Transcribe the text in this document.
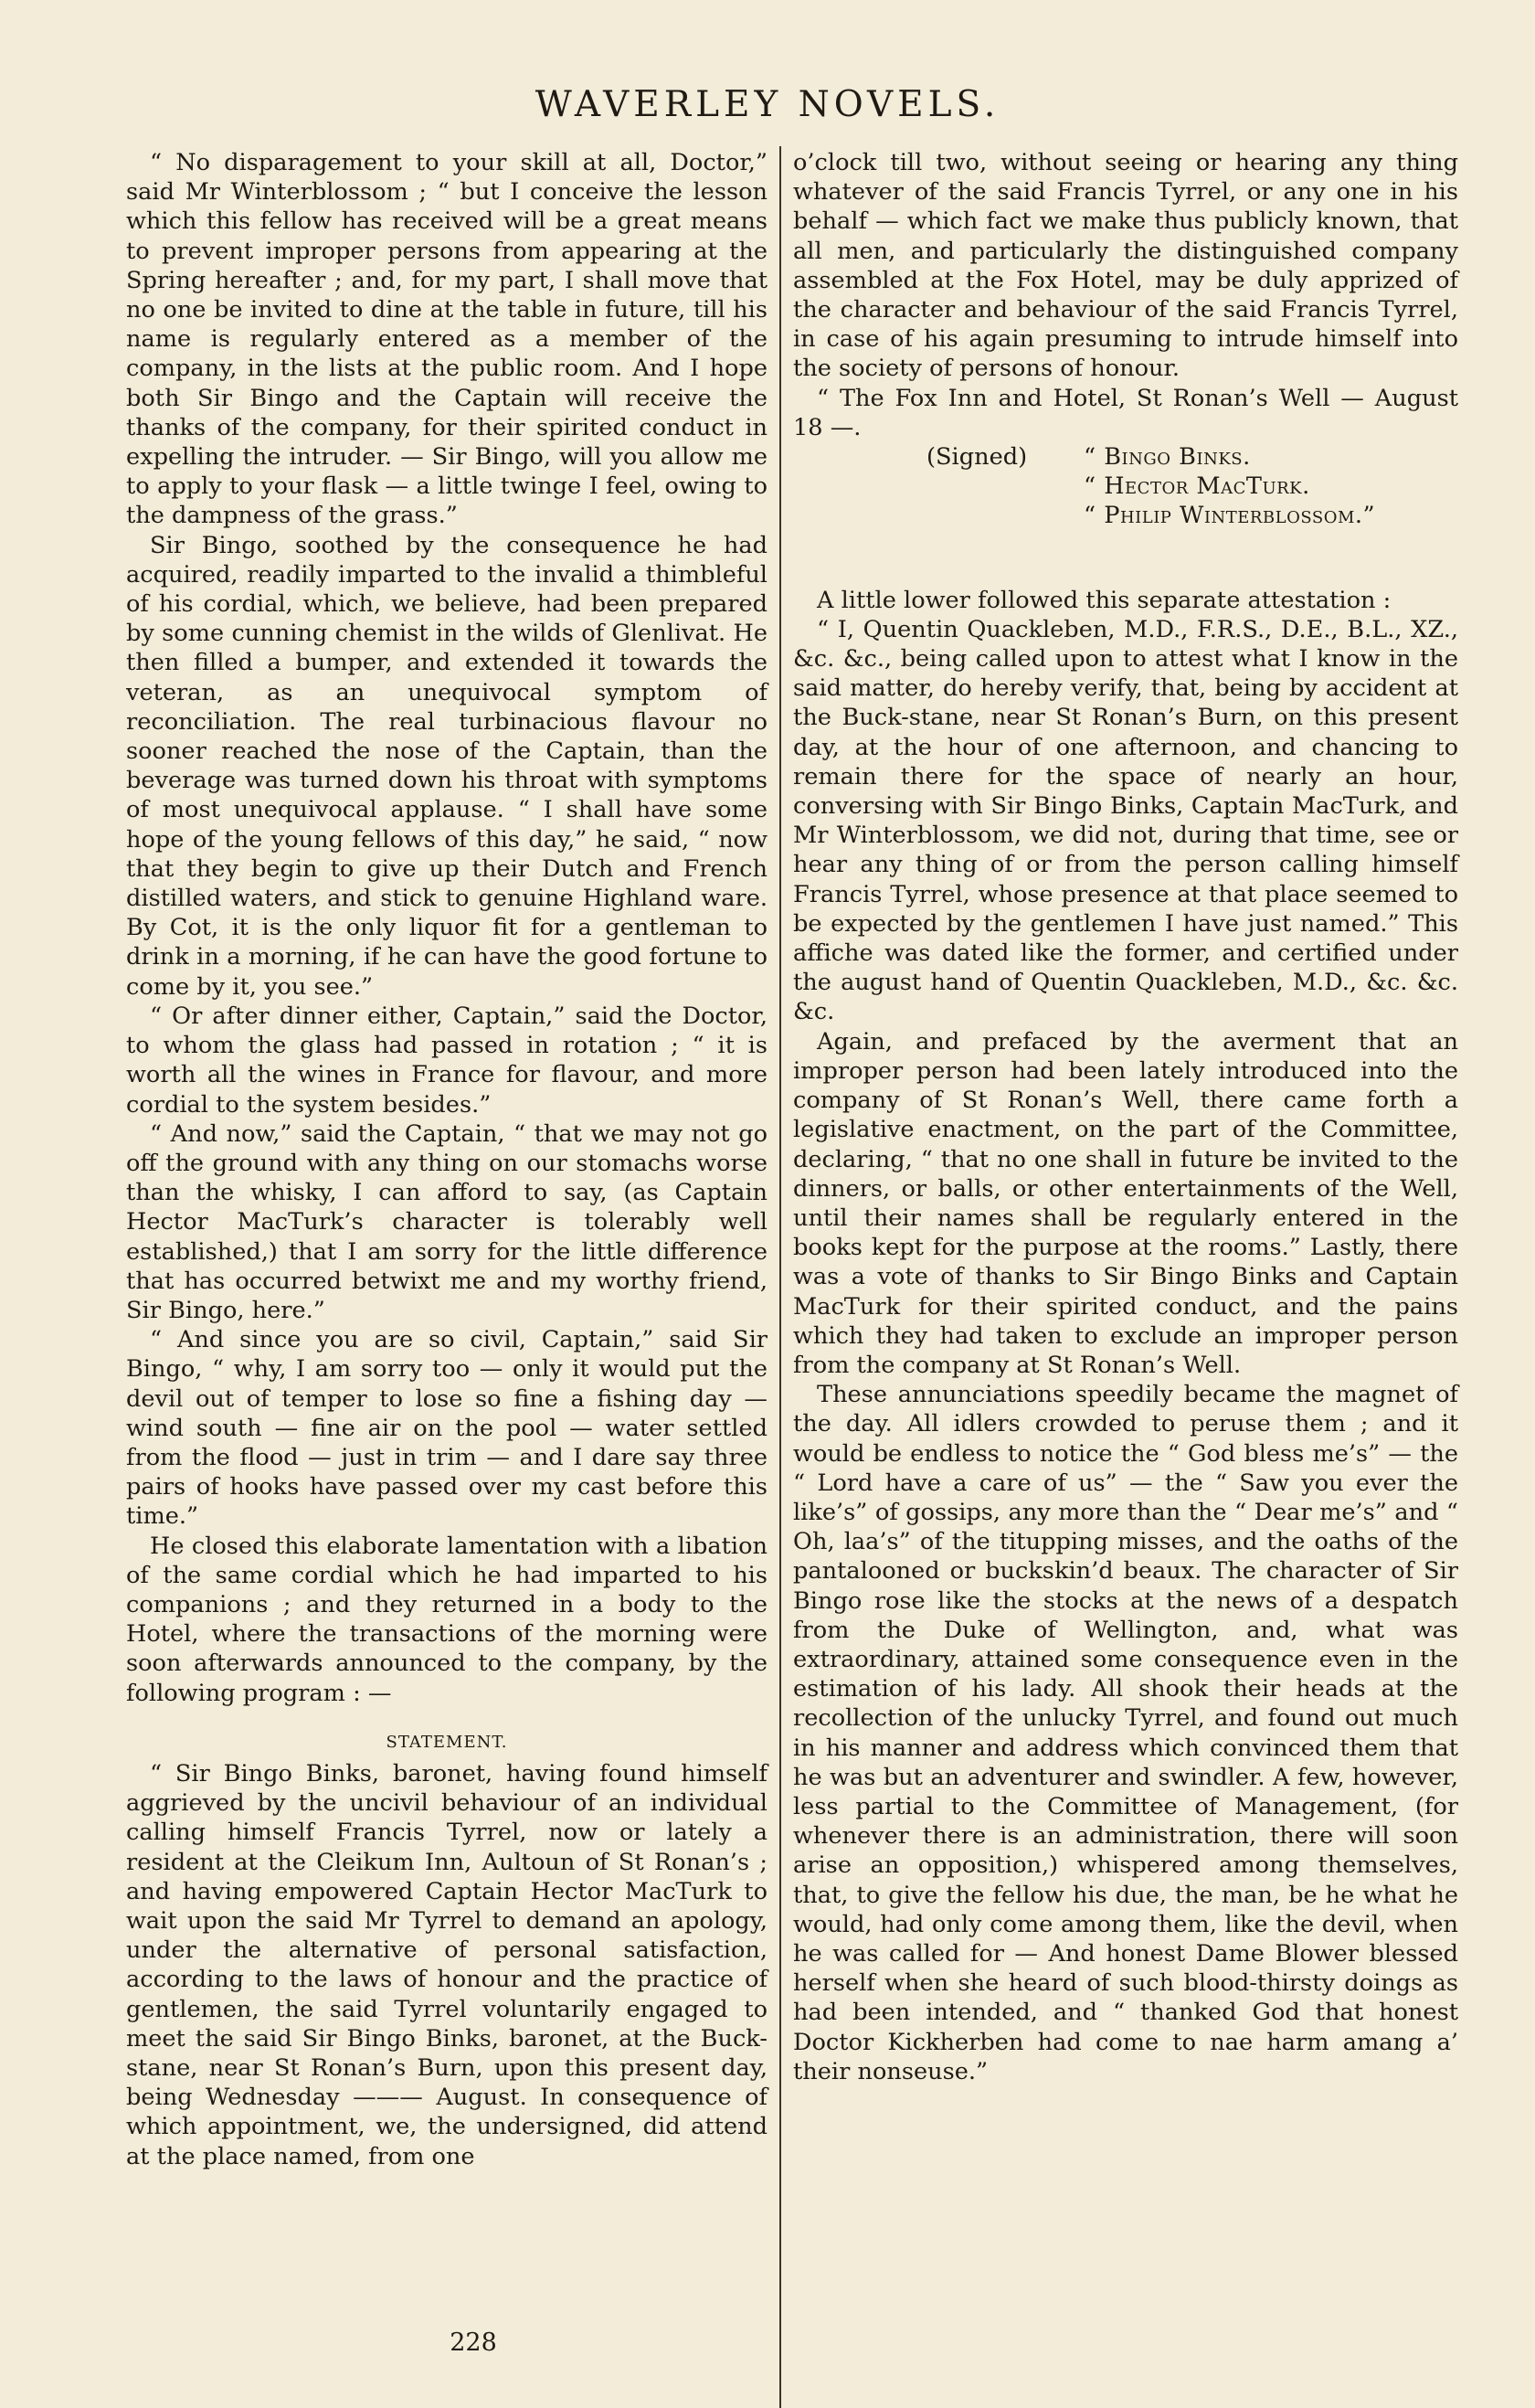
WAVERLEY NOVELS.

“ No disparagement to your skill at all, Doctor,” said Mr Winterblossom ; “ but I conceive the lesson which this fellow has received will be a great means to prevent improper persons from appearing at the Spring hereafter ; and, for my part, I shall move that no one be invited to dine at the table in future, till his name is regularly entered as a member of the company, in the lists at the public room. And I hope both Sir Bingo and the Captain will receive the thanks of the company, for their spirited conduct in expelling the intruder. — Sir Bingo, will you allow me to apply to your flask — a little twinge I feel, owing to the dampness of the grass.”

Sir Bingo, soothed by the consequence he had acquired, readily imparted to the invalid a thimbleful of his cordial, which, we believe, had been prepared by some cunning chemist in the wilds of Glenlivat. He then filled a bumper, and extended it towards the veteran, as an unequivocal symptom of reconciliation. The real turbinacious flavour no sooner reached the nose of the Captain, than the beverage was turned down his throat with symptoms of most unequivocal applause. “ I shall have some hope of the young fellows of this day,” he said, “ now that they begin to give up their Dutch and French distilled waters, and stick to genuine Highland ware. By Cot, it is the only liquor fit for a gentleman to drink in a morning, if he can have the good fortune to come by it, you see.”

“ Or after dinner either, Captain,” said the Doctor, to whom the glass had passed in rotation ; “ it is worth all the wines in France for flavour, and more cordial to the system besides.”

“ And now,” said the Captain, “ that we may not go off the ground with any thing on our stomachs worse than the whisky, I can afford to say, (as Captain Hector MacTurk’s character is tolerably well established,) that I am sorry for the little difference that has occurred betwixt me and my worthy friend, Sir Bingo, here.”

“ And since you are so civil, Captain,” said Sir Bingo, “ why, I am sorry too — only it would put the devil out of temper to lose so fine a fishing day — wind south — fine air on the pool — water settled from the flood — just in trim — and I dare say three pairs of hooks have passed over my cast before this time.”

He closed this elaborate lamentation with a libation of the same cordial which he had imparted to his companions ; and they returned in a body to the Hotel, where the transactions of the morning were soon afterwards announced to the company, by the following program : —

STATEMENT.

“ Sir Bingo Binks, baronet, having found himself aggrieved by the uncivil behaviour of an individual calling himself Francis Tyrrel, now or lately a resident at the Cleikum Inn, Aultoun of St Ronan’s ; and having empowered Captain Hector MacTurk to wait upon the said Mr Tyrrel to demand an apology, under the alternative of personal satisfaction, according to the laws of honour and the practice of gentlemen, the said Tyrrel voluntarily engaged to meet the said Sir Bingo Binks, baronet, at the Buck-stane, near St Ronan’s Burn, upon this present day, being Wednesday ——— August. In consequence of which appointment, we, the undersigned, did attend at the place named, from one

o’clock till two, without seeing or hearing any thing whatever of the said Francis Tyrrel, or any one in his behalf — which fact we make thus publicly known, that all men, and particularly the distinguished company assembled at the Fox Hotel, may be duly apprized of the character and behaviour of the said Francis Tyrrel, in case of his again presuming to intrude himself into the society of persons of honour.

“ The Fox Inn and Hotel, St Ronan’s Well — August 18 —.

(Signed)	“ Bingo Binks.
“ Hector MacTurk.
“ Philip Winterblossom.”

A little lower followed this separate attestation :

“ I, Quentin Quackleben, M.D., F.R.S., D.E., B.L., XZ., &c. &c., being called upon to attest what I know in the said matter, do hereby verify, that, being by accident at the Buck-stane, near St Ronan’s Burn, on this present day, at the hour of one afternoon, and chancing to remain there for the space of nearly an hour, conversing with Sir Bingo Binks, Captain MacTurk, and Mr Winterblossom, we did not, during that time, see or hear any thing of or from the person calling himself Francis Tyrrel, whose presence at that place seemed to be expected by the gentlemen I have just named.” This affiche was dated like the former, and certified under the august hand of Quentin Quackleben, M.D., &c. &c. &c.

Again, and prefaced by the averment that an improper person had been lately introduced into the company of St Ronan’s Well, there came forth a legislative enactment, on the part of the Committee, declaring, “ that no one shall in future be invited to the dinners, or balls, or other entertainments of the Well, until their names shall be regularly entered in the books kept for the purpose at the rooms.” Lastly, there was a vote of thanks to Sir Bingo Binks and Captain MacTurk for their spirited conduct, and the pains which they had taken to exclude an improper person from the company at St Ronan’s Well.

These annunciations speedily became the magnet of the day. All idlers crowded to peruse them ; and it would be endless to notice the “ God bless me’s” — the “ Lord have a care of us” — the “ Saw you ever the like’s” of gossips, any more than the “ Dear me’s” and “ Oh, laa’s” of the titupping misses, and the oaths of the pantalooned or buckskin’d beaux. The character of Sir Bingo rose like the stocks at the news of a despatch from the Duke of Wellington, and, what was extraordinary, attained some consequence even in the estimation of his lady. All shook their heads at the recollection of the unlucky Tyrrel, and found out much in his manner and address which convinced them that he was but an adventurer and swindler. A few, however, less partial to the Committee of Management, (for whenever there is an administration, there will soon arise an opposition,) whispered among themselves, that, to give the fellow his due, the man, be he what he would, had only come among them, like the devil, when he was called for — And honest Dame Blower blessed herself when she heard of such blood-thirsty doings as had been intended, and “ thanked God that honest Doctor Kickherben had come to nae harm amang a’ their nonseuse.”

228
